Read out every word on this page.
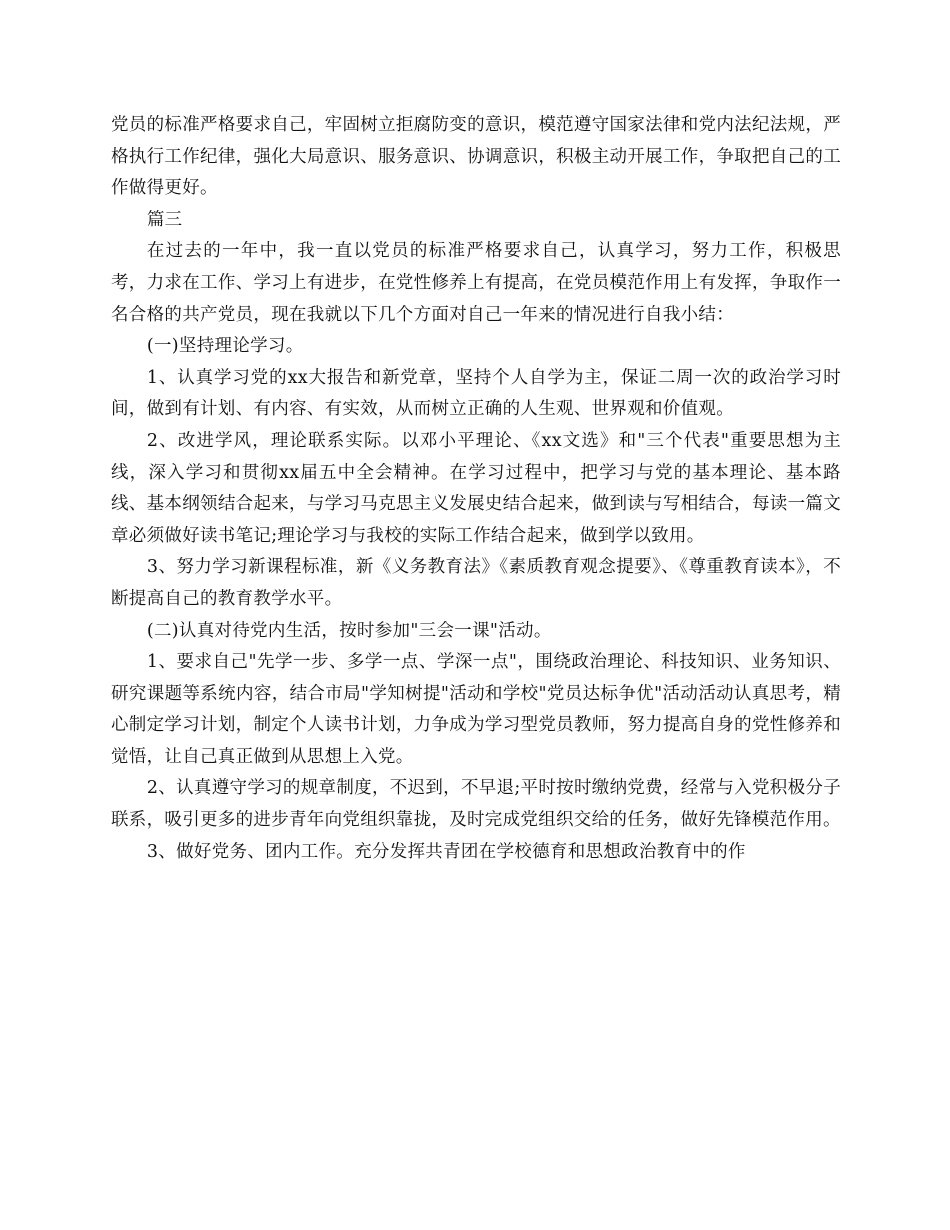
党员的标准严格要求自己，牢固树立拒腐防变的意识，模范遵守国家法律和党内法纪法规，严格执行工作纪律，强化大局意识、服务意识、协调意识，积极主动开展工作，争取把自己的工作做得更好。

篇三

在过去的一年中，我一直以党员的标准严格要求自己，认真学习，努力工作，积极思考，力求在工作、学习上有进步，在党性修养上有提高，在党员模范作用上有发挥，争取作一名合格的共产党员，现在我就以下几个方面对自己一年来的情况进行自我小结：

(一)坚持理论学习。

1、认真学习党的xx大报告和新党章，坚持个人自学为主，保证二周一次的政治学习时间，做到有计划、有内容、有实效，从而树立正确的人生观、世界观和价值观。

2、改进学风，理论联系实际。以邓小平理论、《xx文选》和"三个代表"重要思想为主线，深入学习和贯彻xx届五中全会精神。在学习过程中，把学习与党的基本理论、基本路线、基本纲领结合起来，与学习马克思主义发展史结合起来，做到读与写相结合，每读一篇文章必须做好读书笔记;理论学习与我校的实际工作结合起来，做到学以致用。

3、努力学习新课程标准，新《义务教育法》《素质教育观念提要》、《尊重教育读本》，不断提高自己的教育教学水平。

(二)认真对待党内生活，按时参加"三会一课"活动。

1、要求自己"先学一步、多学一点、学深一点"，围绕政治理论、科技知识、业务知识、研究课题等系统内容，结合市局"学知树提"活动和学校"党员达标争优"活动活动认真思考，精心制定学习计划，制定个人读书计划，力争成为学习型党员教师，努力提高自身的党性修养和觉悟，让自己真正做到从思想上入党。

2、认真遵守学习的规章制度，不迟到，不早退;平时按时缴纳党费，经常与入党积极分子联系，吸引更多的进步青年向党组织靠拢，及时完成党组织交给的任务，做好先锋模范作用。

3、做好党务、团内工作。充分发挥共青团在学校德育和思想政治教育中的作
